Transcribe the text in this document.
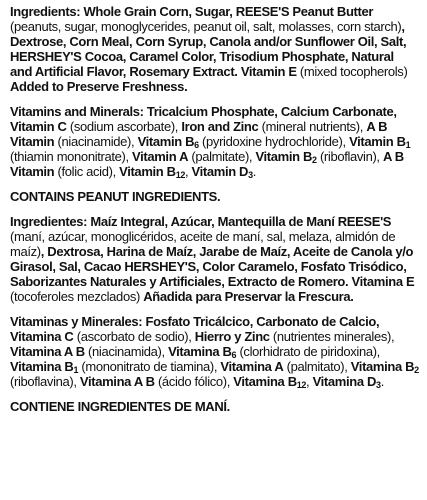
Ingredients: Whole Grain Corn, Sugar, REESE'S Peanut Butter (peanuts, sugar, monoglycerides, peanut oil, salt, molasses, corn starch), Dextrose, Corn Meal, Corn Syrup, Canola and/or Sunflower Oil, Salt, HERSHEY'S Cocoa, Caramel Color, Trisodium Phosphate, Natural and Artificial Flavor, Rosemary Extract. Vitamin E (mixed tocopherols) Added to Preserve Freshness.

Vitamins and Minerals: Tricalcium Phosphate, Calcium Carbonate, Vitamin C (sodium ascorbate), Iron and Zinc (mineral nutrients), A B Vitamin (niacinamide), Vitamin $B_6$ (pyridoxine hydrochloride), Vitamin $B_1$ (thiamin mononitrate), Vitamin A (palmitate), Vitamin $B_2$ (riboflavin), A B Vitamin (folic acid), Vitamin $B_{12}$, Vitamin $D_3$.

CONTAINS PEANUT INGREDIENTS.

Ingredientes: Maíz Integral, Azúcar, Mantequilla de Maní REESE'S (maní, azúcar, monoglicéridos, aceite de maní, sal, melaza, almidón de maíz), Dextrosa, Harina de Maíz, Jarabe de Maíz, Aceite de Canola y/o Girasol, Sal, Cacao HERSHEY'S, Color Caramelo, Fosfato Trisódico, Saborizantes Naturales y Artificiales, Extracto de Romero. Vitamina E (tocoferoles mezclados) Añadida para Preservar la Frescura.

Vitaminas y Minerales: Fosfato Tricálcico, Carbonato de Calcio, Vitamina C (ascorbato de sodio), Hierro y Zinc (nutrientes minerales), Vitamina A B (niacinamida), Vitamina $B_6$ (clorhidrato de piridoxina), Vitamina $B_1$ (mononitrato de tiamina), Vitamina A (palmitato), Vitamina $B_2$ (riboflavina), Vitamina A B (ácido fólico), Vitamina $B_{12}$, Vitamina $D_3$.

CONTIENE INGREDIENTES DE MANÍ.
